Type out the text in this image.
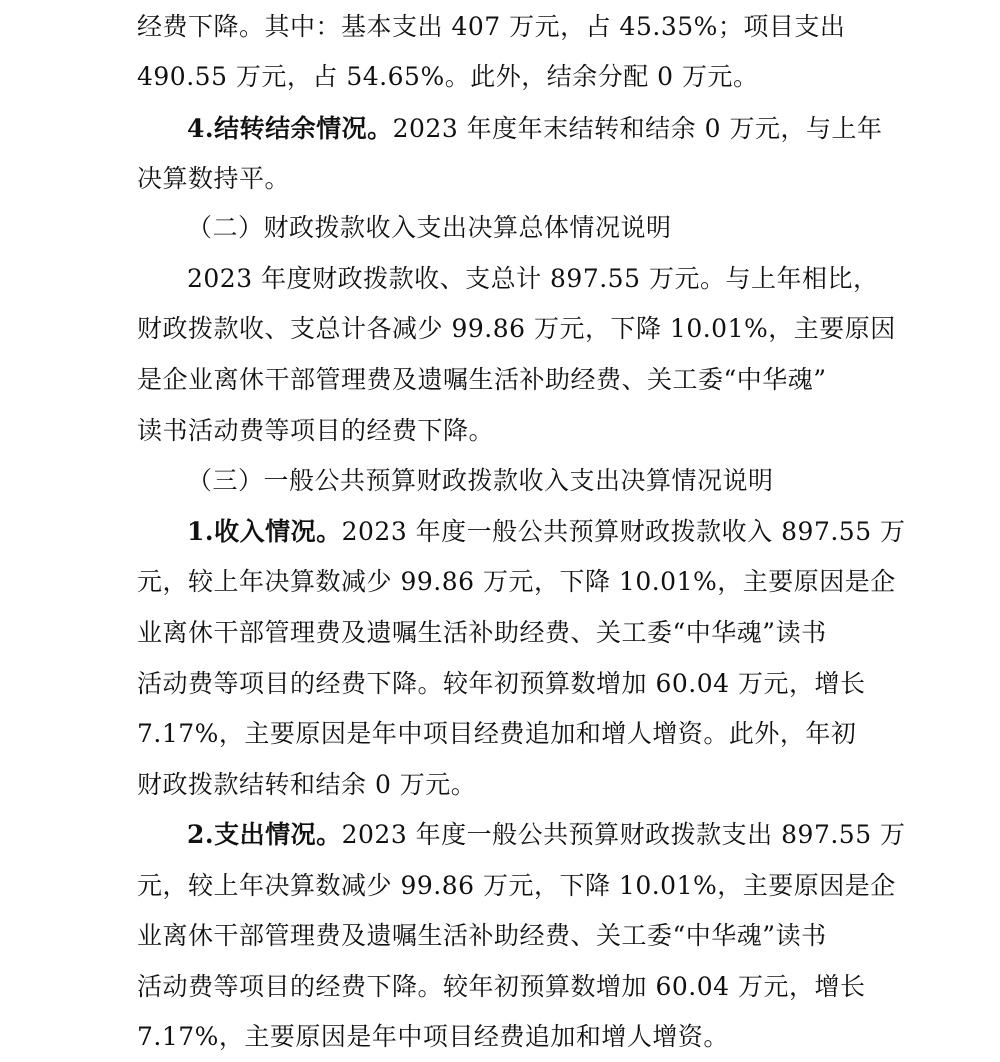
经费下降。其中：基本支出 407 万元，占 45.35%；项目支出
490.55 万元，占 54.65%。此外，结余分配 0 万元。
4.结转结余情况。2023 年度年末结转和结余 0 万元，与上年
决算数持平。
（二）财政拨款收入支出决算总体情况说明
2023 年度财政拨款收、支总计 897.55 万元。与上年相比，
财政拨款收、支总计各减少 99.86 万元，下降 10.01%，主要原因
是企业离休干部管理费及遗嘱生活补助经费、关工委“中华魂”
读书活动费等项目的经费下降。
（三）一般公共预算财政拨款收入支出决算情况说明
1.收入情况。2023 年度一般公共预算财政拨款收入 897.55 万
元，较上年决算数减少 99.86 万元，下降 10.01%，主要原因是企
业离休干部管理费及遗嘱生活补助经费、关工委“中华魂”读书
活动费等项目的经费下降。较年初预算数增加 60.04 万元，增长
7.17%，主要原因是年中项目经费追加和增人增资。此外，年初
财政拨款结转和结余 0 万元。
2.支出情况。2023 年度一般公共预算财政拨款支出 897.55 万
元，较上年决算数减少 99.86 万元，下降 10.01%，主要原因是企
业离休干部管理费及遗嘱生活补助经费、关工委“中华魂”读书
活动费等项目的经费下降。较年初预算数增加 60.04 万元，增长
7.17%，主要原因是年中项目经费追加和增人增资。
